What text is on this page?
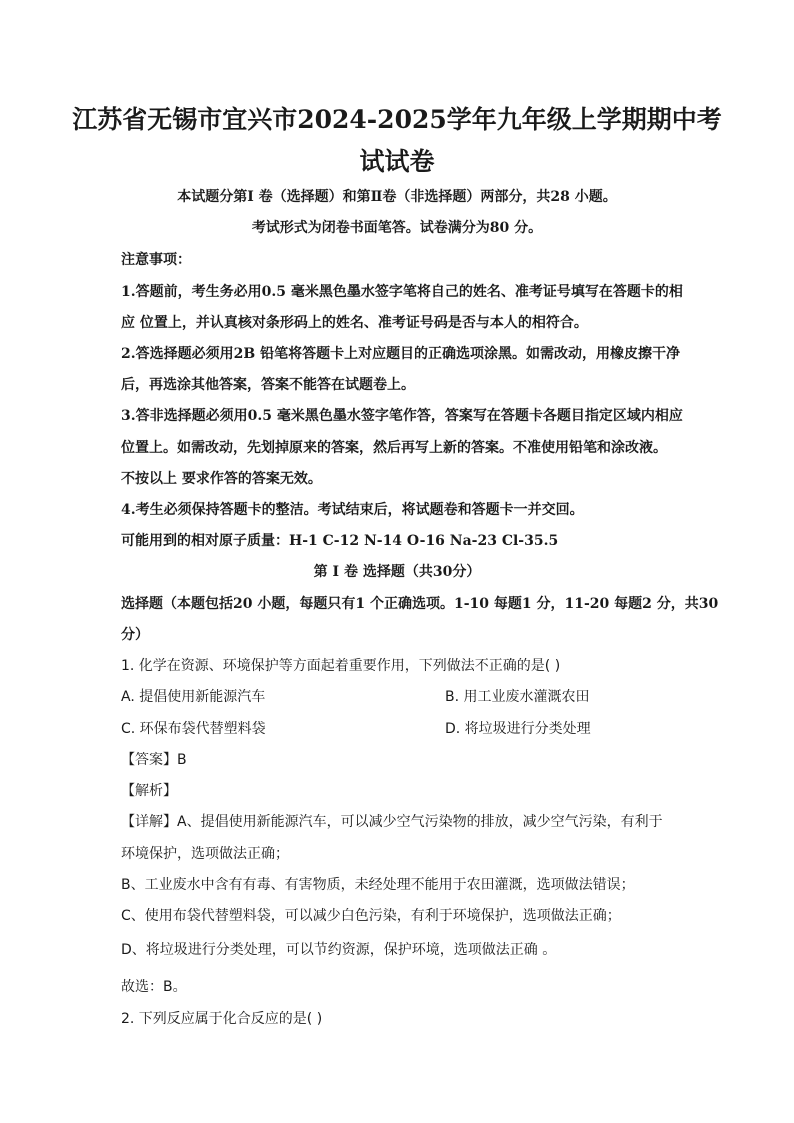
江苏省无锡市宜兴市2024-2025学年九年级上学期期中考
试试卷
本试题分第Ⅰ 卷（选择题）和第Ⅱ卷（非选择题）两部分，共28 小题。
考试形式为闭卷书面笔答。试卷满分为80 分。
注意事项：
1.答题前，考生务必用0.5 毫米黑色墨水签字笔将自己的姓名、准考证号填写在答题卡的相
应 位置上，并认真核对条形码上的姓名、准考证号码是否与本人的相符合。
2.答选择题必须用2B 铅笔将答题卡上对应题目的正确选项涂黑。如需改动，用橡皮擦干净
后，再选涂其他答案，答案不能答在试题卷上。
3.答非选择题必须用0.5 毫米黑色墨水签字笔作答，答案写在答题卡各题目指定区域内相应
位置上。如需改动，先划掉原来的答案，然后再写上新的答案。不准使用铅笔和涂改液。
不按以上 要求作答的答案无效。
4.考生必须保持答题卡的整洁。考试结束后，将试题卷和答题卡一并交回。
可能用到的相对原子质量：H-1 C-12 N-14 O-16 Na-23 Cl-35.5
第 Ⅰ 卷 选择题（共30分）
选择题（本题包括20 小题，每题只有1 个正确选项。1-10 每题1 分，11-20 每题2 分，共30
分）
1. 化学在资源、环境保护等方面起着重要作用，下列做法不正确的是( )
A. 提倡使用新能源汽车	B. 用工业废水灌溉农田
C. 环保布袋代替塑料袋	D. 将垃圾进行分类处理
【答案】B
【解析】
【详解】A、提倡使用新能源汽车，可以减少空气污染物的排放，减少空气污染，有利于
环境保护，选项做法正确；
B、工业废水中含有有毒、有害物质，未经处理不能用于农田灌溉，选项做法错误；
C、使用布袋代替塑料袋，可以减少白色污染，有利于环境保护，选项做法正确；
D、将垃圾进行分类处理，可以节约资源，保护环境，选项做法正确 。
故选：B。
2. 下列反应属于化合反应的是( )
